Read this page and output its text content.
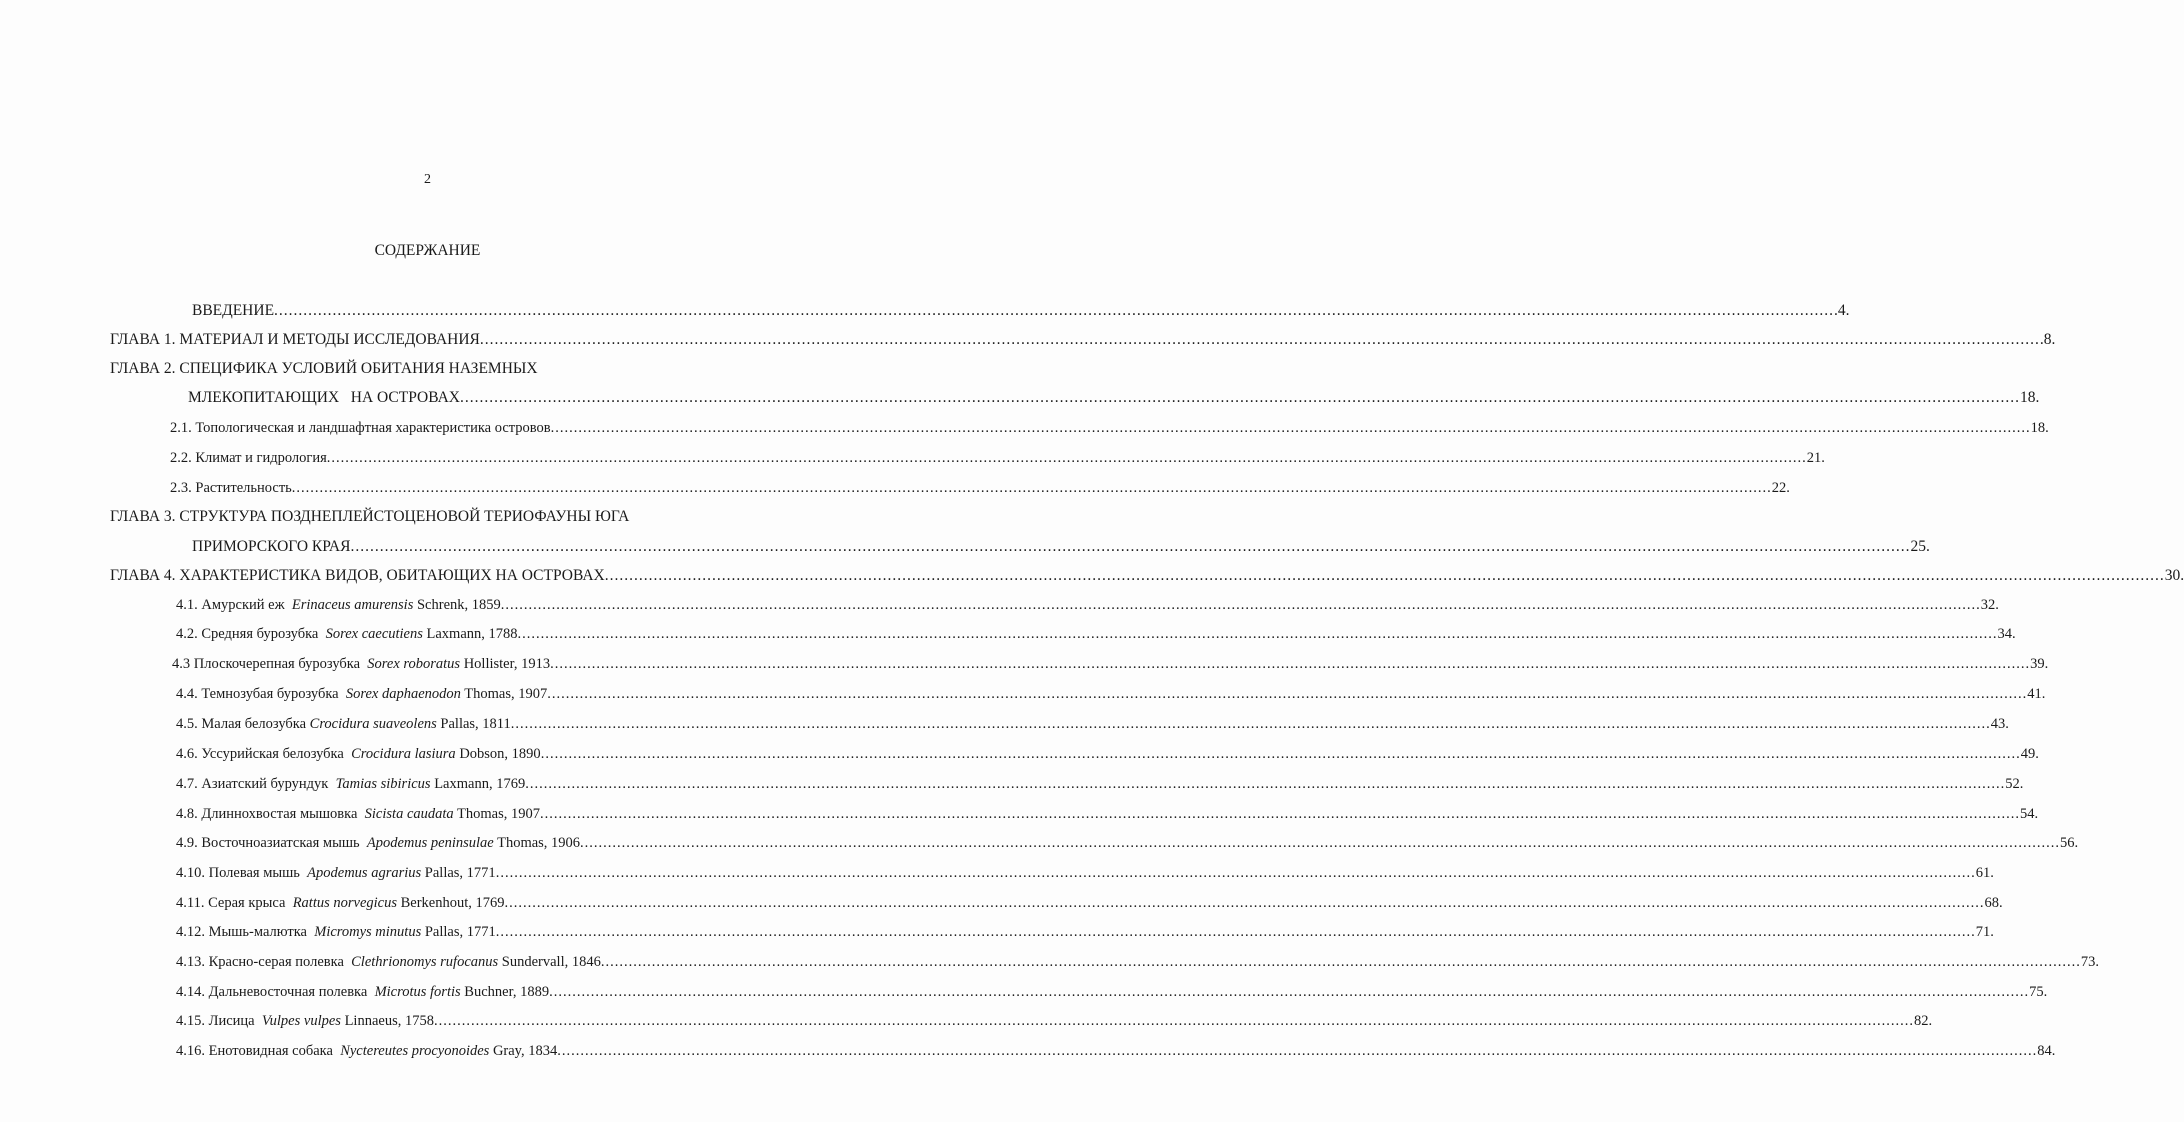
2
СОДЕРЖАНИЕ
ВВЕДЕНИЕ ................................................................................................................................................................................................................................................................................................................................ .4.
ГЛАВА 1. МАТЕРИАЛ И МЕТОДЫ ИССЛЕДОВАНИЯ ................................................................................................................................................................................................................................................................................................................................ .8.
ГЛАВА 2. СПЕЦИФИКА УСЛОВИЙ ОБИТАНИЯ НАЗЕМНЫХ
МЛЕКОПИТАЮЩИХ   НА ОСТРОВАХ ................................................................................................................................................................................................................................................................................................................................ 18.
2.1. Топологическая и ландшафтная характеристика островов ................................................................................................................................................................................................................................................................................................................................ 18.
2.2. Климат и гидрология ................................................................................................................................................................................................................................................................................................................................ 21.
2.3. Растительность ................................................................................................................................................................................................................................................................................................................................ 22.
ГЛАВА 3. СТРУКТУРА ПОЗДНЕПЛЕЙСТОЦЕНОВОЙ ТЕРИОФАУНЫ ЮГА
ПРИМОРСКОГО КРАЯ ................................................................................................................................................................................................................................................................................................................................ 25.
ГЛАВА 4. ХАРАКТЕРИСТИКА ВИДОВ, ОБИТАЮЩИХ НА ОСТРОВАХ ................................................................................................................................................................................................................................................................................................................................ 30.
4.1. Амурский еж  Erinaceus amurensis Schrenk, 1859 ................................................................................................................................................................................................................................................................................................................................ 32.
4.2. Средняя бурозубка  Sorex caecutiens Laxmann, 1788 ................................................................................................................................................................................................................................................................................................................................ 34.
4.3 Плоскочерепная бурозубка  Sorex roboratus Hollister, 1913 ................................................................................................................................................................................................................................................................................................................................ 39.
4.4. Темнозубая бурозубка  Sorex daphaenodon Thomas, 1907 ................................................................................................................................................................................................................................................................................................................................ 41.
4.5. Малая белозубка Crocidura suaveolens Pallas, 1811 ................................................................................................................................................................................................................................................................................................................................ 43.
4.6. Уссурийская белозубка  Crocidura lasiura Dobson, 1890 ................................................................................................................................................................................................................................................................................................................................ 49.
4.7. Азиатский бурундук  Tamias sibiricus Laxmann, 1769 ................................................................................................................................................................................................................................................................................................................................ 52.
4.8. Длиннохвостая мышовка  Sicista caudata Thomas, 1907 ................................................................................................................................................................................................................................................................................................................................ 54.
4.9. Восточноазиатская мышь  Apodemus peninsulae Thomas, 1906 ................................................................................................................................................................................................................................................................................................................................ 56.
4.10. Полевая мышь  Apodemus agrarius Pallas, 1771 ................................................................................................................................................................................................................................................................................................................................ 61.
4.11. Серая крыса  Rattus norvegicus Berkenhout, 1769 ................................................................................................................................................................................................................................................................................................................................ 68.
4.12. Мышь-малютка  Micromys minutus Pallas, 1771 ................................................................................................................................................................................................................................................................................................................................ 71.
4.13. Красно-серая полевка  Clethrionomys rufocanus Sundervall, 1846 ................................................................................................................................................................................................................................................................................................................................ 73.
4.14. Дальневосточная полевка  Microtus fortis Buchner, 1889 ................................................................................................................................................................................................................................................................................................................................ 75.
4.15. Лисица  Vulpes vulpes Linnaeus, 1758 ................................................................................................................................................................................................................................................................................................................................ 82.
4.16. Енотовидная собака  Nyctereutes procyonoides Gray, 1834 ................................................................................................................................................................................................................................................................................................................................ 84.
